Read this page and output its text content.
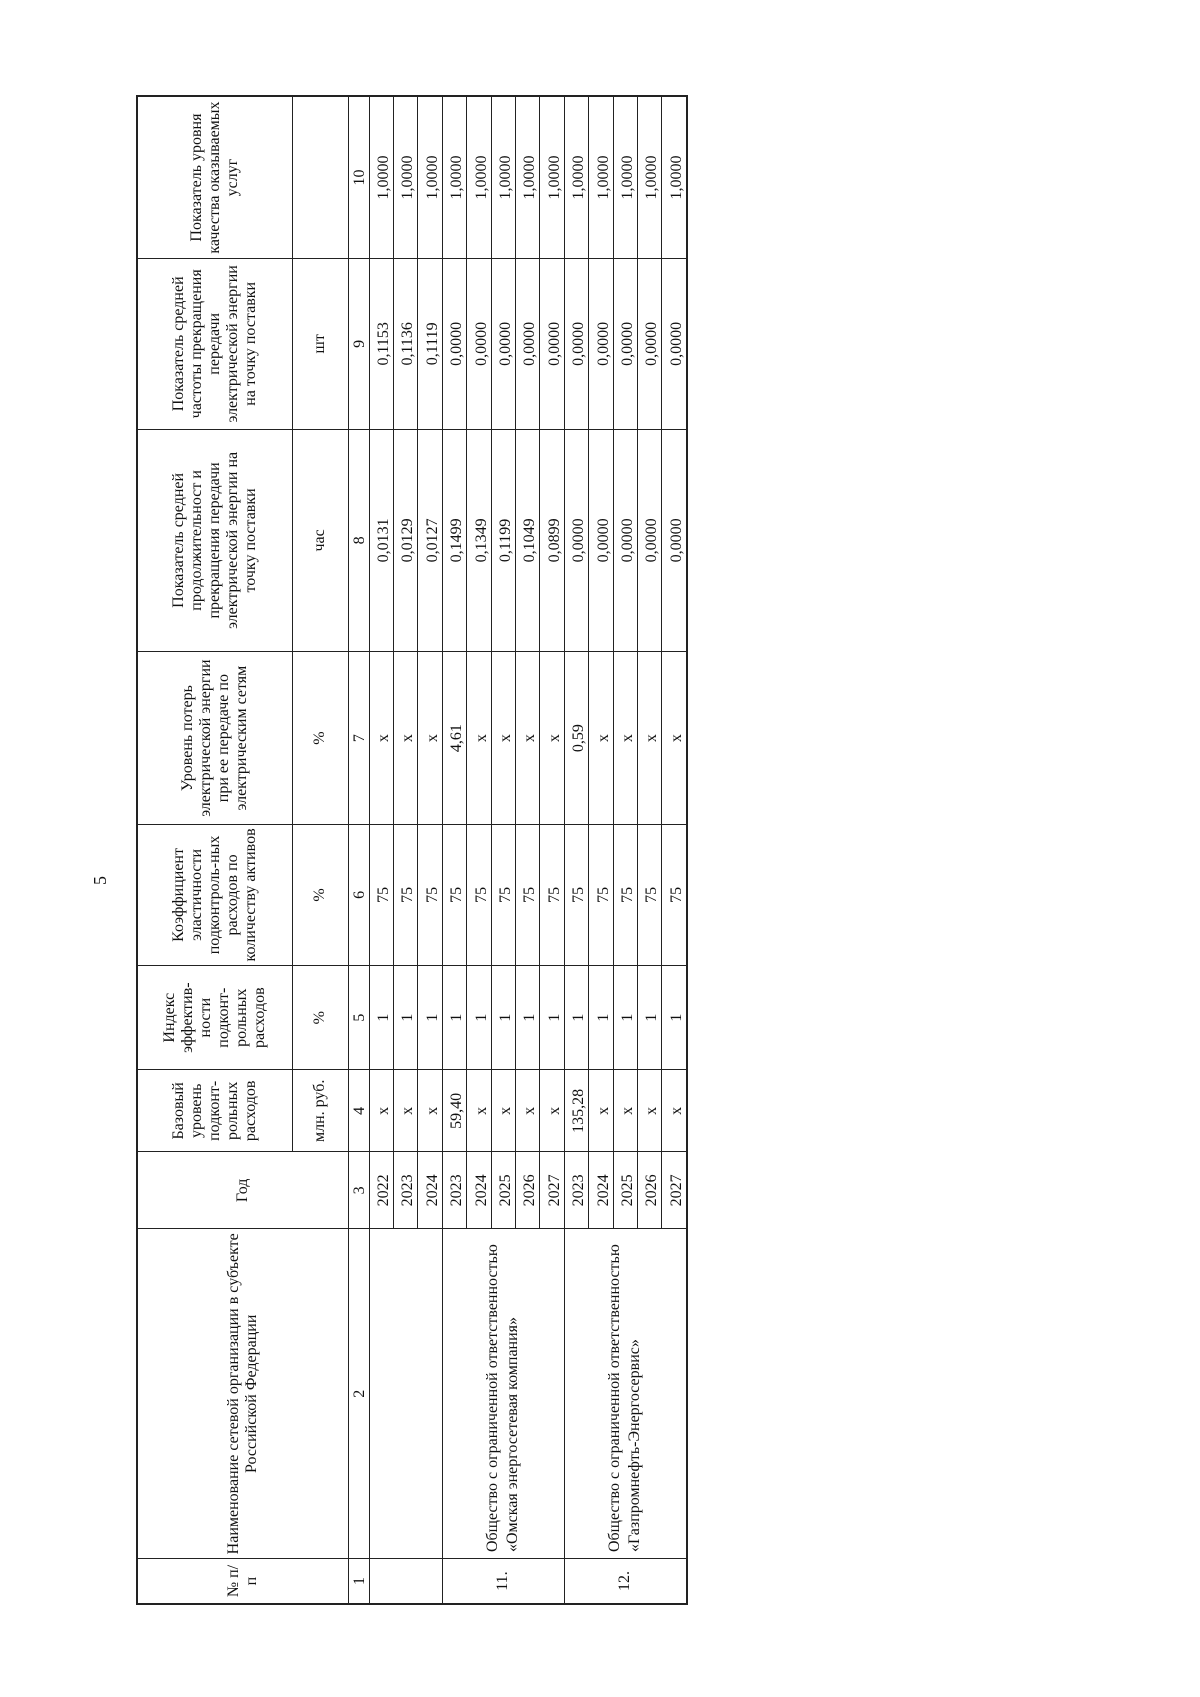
5
№ п/п	Наименование сетевой организации в субъекте Российской Федерации	Год	Базовый уровень подконт-рольных расходов	Индекс эффектив-ности подконт-рольных расходов	Коэффициент эластичности подконтроль-ных расходов по количеству активов	Уровень потерь электрической энергии при ее передаче по электрическим сетям	Показатель средней продолжительност и прекращения передачи электрической энергии на точку поставки	Показатель средней частоты прекращения передачи электрической энергии на точку поставки	Показатель уровня качества оказываемых услуг
			млн. руб.	%	%	%	час	шт	
1	2	3	4	5	6	7	8	9	10
		2022	x	1	75	x	0,0131	0,1153	1,0000
		2023	x	1	75	x	0,0129	0,1136	1,0000
		2024	x	1	75	x	0,0127	0,1119	1,0000
11.	Общество с ограниченной ответственностью «Омская энергосетевая компания»	2023	59,40	1	75	4,61	0,1499	0,0000	1,0000
		2024	x	1	75	x	0,1349	0,0000	1,0000
		2025	x	1	75	x	0,1199	0,0000	1,0000
		2026	x	1	75	x	0,1049	0,0000	1,0000
		2027	x	1	75	x	0,0899	0,0000	1,0000
12.	Общество с ограниченной ответственностью «Газпромнефть-Энергосервис»	2023	135,28	1	75	0,59	0,0000	0,0000	1,0000
		2024	x	1	75	x	0,0000	0,0000	1,0000
		2025	x	1	75	x	0,0000	0,0000	1,0000
		2026	x	1	75	x	0,0000	0,0000	1,0000
		2027	x	1	75	x	0,0000	0,0000	1,0000
